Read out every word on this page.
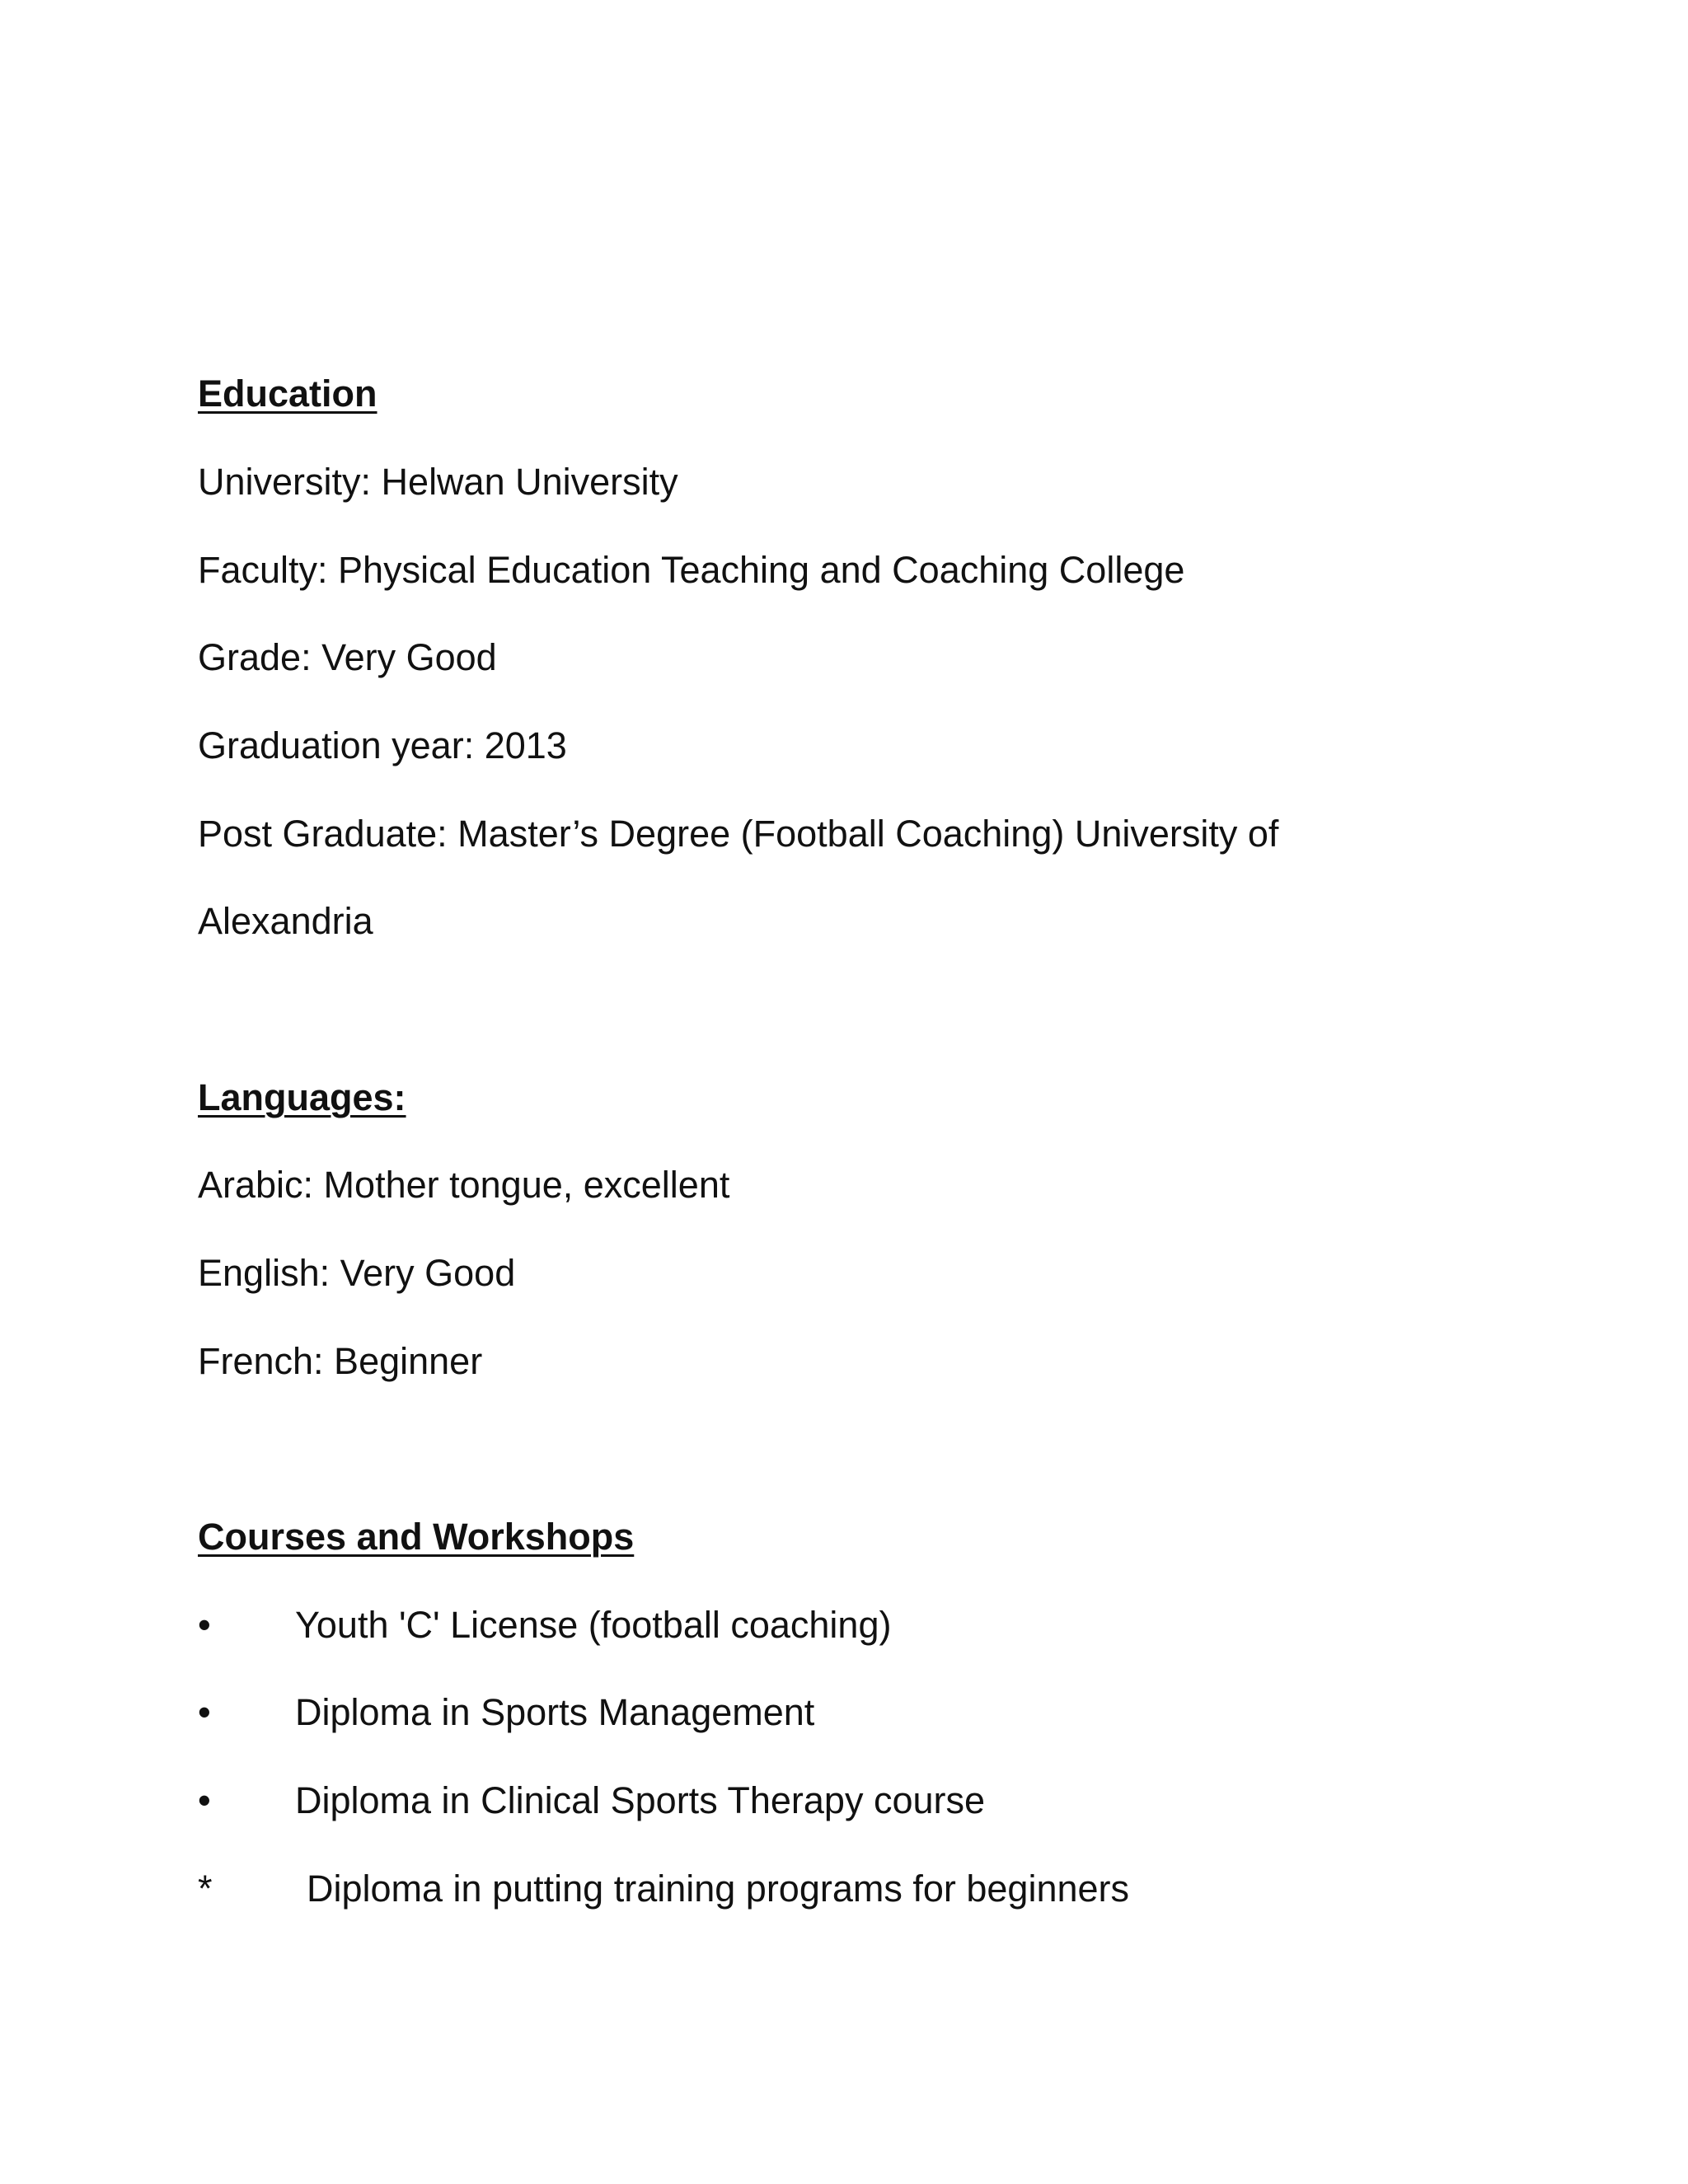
Education
University: Helwan University
Faculty: Physical Education Teaching and Coaching College
Grade: Very Good
Graduation year: 2013
Post Graduate: Master’s Degree (Football Coaching) University of
Alexandria
Languages:
Arabic: Mother tongue, excellent
English: Very Good
French: Beginner
Courses and Workshops
• Youth 'C' License (football coaching)
• Diploma in Sports Management
• Diploma in Clinical Sports Therapy course
*	Diploma in putting training programs for beginners
